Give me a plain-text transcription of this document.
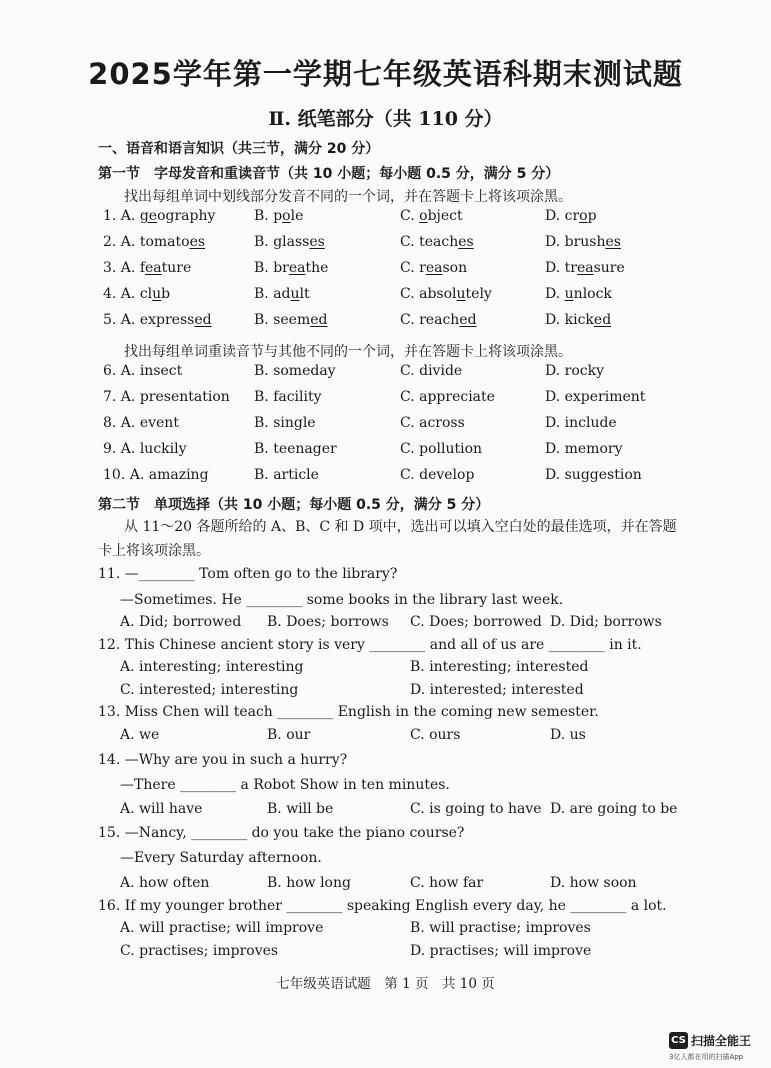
2025学年第一学期七年级英语科期末测试题
Ⅱ. 纸笔部分（共 110 分）
一、语音和语言知识（共三节，满分 20 分）
第一节　字母发音和重读音节（共 10 小题；每小题 0.5 分，满分 5 分）
找出每组单词中划线部分发音不同的一个词，并在答题卡上将该项涂黑。
1. A. geography	B. pole	C. object	D. crop
2. A. tomatoes	B. glasses	C. teaches	D. brushes
3. A. feature	B. breathe	C. reason	D. treasure
4. A. club	B. adult	C. absolutely	D. unlock
5. A. expressed	B. seemed	C. reached	D. kicked
找出每组单词重读音节与其他不同的一个词，并在答题卡上将该项涂黑。
6. A. insect	B. someday	C. divide	D. rocky
7. A. presentation B. facility	C. appreciate	D. experiment
8. A. event	B. single	C. across	D. include
9. A. luckily	B. teenager	C. pollution	D. memory
10. A. amazing	B. article	C. develop	D. suggestion
第二节　单项选择（共 10 小题；每小题 0.5 分，满分 5 分）
从 11～20 各题所给的 A、B、C 和 D 项中，选出可以填入空白处的最佳选项，并在答题
卡上将该项涂黑。
11. —________ Tom often go to the library?
—Sometimes. He ________ some books in the library last week.
A. Did; borrowed B. Does; borrows C. Does; borrowed D. Did; borrows
12. This Chinese ancient story is very ________ and all of us are ________ in it.
A. interesting; interesting	B. interesting; interested
C. interested; interesting	D. interested; interested
13. Miss Chen will teach ________ English in the coming new semester.
A. we	B. our	C. ours	D. us
14. —Why are you in such a hurry?
—There ________ a Robot Show in ten minutes.
A. will have	B. will be	C. is going to have D. are going to be
15. —Nancy, ________ do you take the piano course?
—Every Saturday afternoon.
A. how often	B. how long	C. how far	D. how soon
16. If my younger brother ________ speaking English every day, he ________ a lot.
A. will practise; will improve	B. will practise; improves
C. practises; improves	D. practises; will improve
七年级英语试题　第 1 页　共 10 页
CS 扫描全能王
3亿人都在用的扫描App
